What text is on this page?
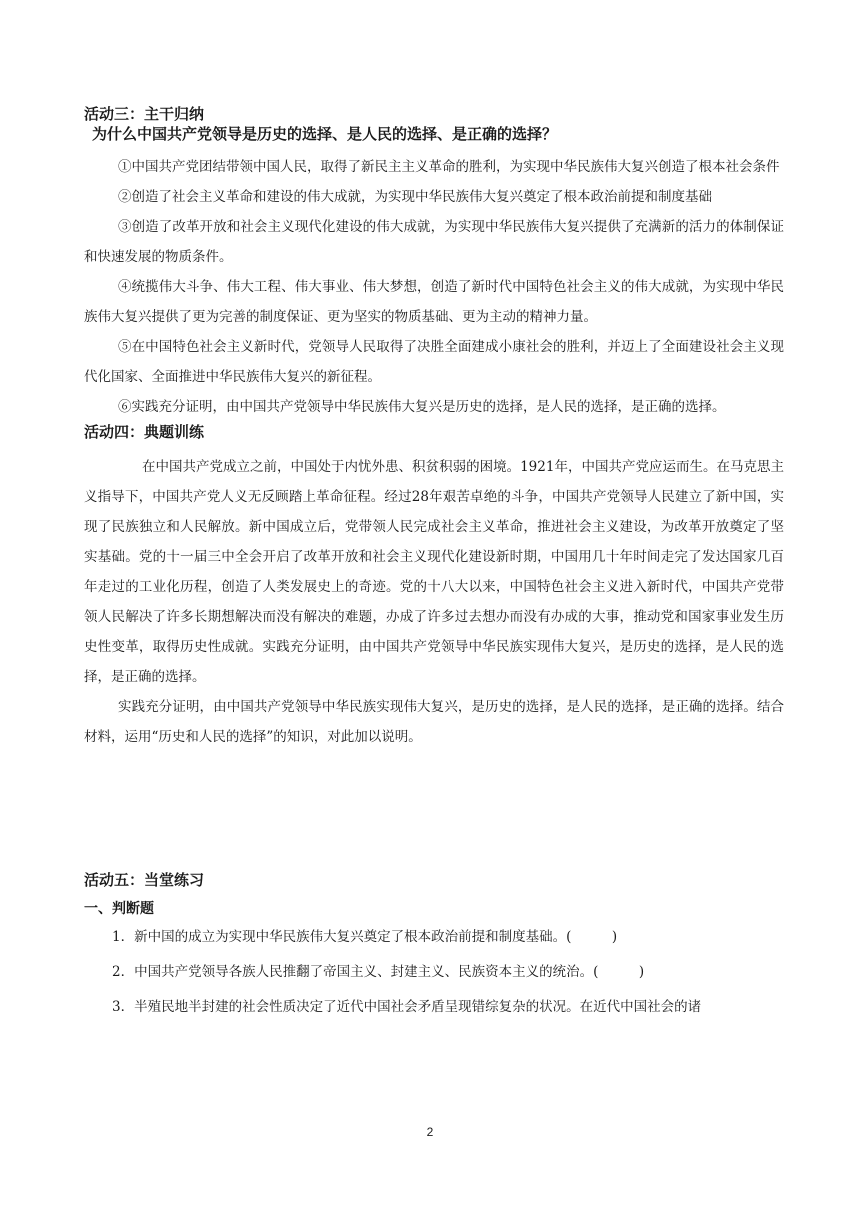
活动三：主干归纳

为什么中国共产党领导是历史的选择、是人民的选择、是正确的选择？

①中国共产党团结带领中国人民，取得了新民主主义革命的胜利，为实现中华民族伟大复兴创造了根本社会条件

②创造了社会主义革命和建设的伟大成就，为实现中华民族伟大复兴奠定了根本政治前提和制度基础

③创造了改革开放和社会主义现代化建设的伟大成就，为实现中华民族伟大复兴提供了充满新的活力的体制保证和快速发展的物质条件。

④统揽伟大斗争、伟大工程、伟大事业、伟大梦想，创造了新时代中国特色社会主义的伟大成就，为实现中华民族伟大复兴提供了更为完善的制度保证、更为坚实的物质基础、更为主动的精神力量。

⑤在中国特色社会主义新时代，党领导人民取得了决胜全面建成小康社会的胜利，并迈上了全面建设社会主义现代化国家、全面推进中华民族伟大复兴的新征程。

⑥实践充分证明，由中国共产党领导中华民族伟大复兴是历史的选择，是人民的选择，是正确的选择。

活动四：典题训练

在中国共产党成立之前，中国处于内忧外患、积贫积弱的困境。1921年，中国共产党应运而生。在马克思主义指导下，中国共产党人义无反顾踏上革命征程。经过28年艰苦卓绝的斗争，中国共产党领导人民建立了新中国，实现了民族独立和人民解放。新中国成立后，党带领人民完成社会主义革命，推进社会主义建设，为改革开放奠定了坚实基础。党的十一届三中全会开启了改革开放和社会主义现代化建设新时期，中国用几十年时间走完了发达国家几百年走过的工业化历程，创造了人类发展史上的奇迹。党的十八大以来，中国特色社会主义进入新时代，中国共产党带领人民解决了许多长期想解决而没有解决的难题，办成了许多过去想办而没有办成的大事，推动党和国家事业发生历史性变革，取得历史性成就。实践充分证明，由中国共产党领导中华民族实现伟大复兴，是历史的选择，是人民的选择，是正确的选择。

实践充分证明，由中国共产党领导中华民族实现伟大复兴，是历史的选择，是人民的选择，是正确的选择。结合材料，运用“历史和人民的选择”的知识，对此加以说明。

活动五：当堂练习

一、判断题

1．新中国的成立为实现中华民族伟大复兴奠定了根本政治前提和制度基础。(　　　)

2．中国共产党领导各族人民推翻了帝国主义、封建主义、民族资本主义的统治。(　　　)

3．半殖民地半封建的社会性质决定了近代中国社会矛盾呈现错综复杂的状况。在近代中国社会的诸

2
